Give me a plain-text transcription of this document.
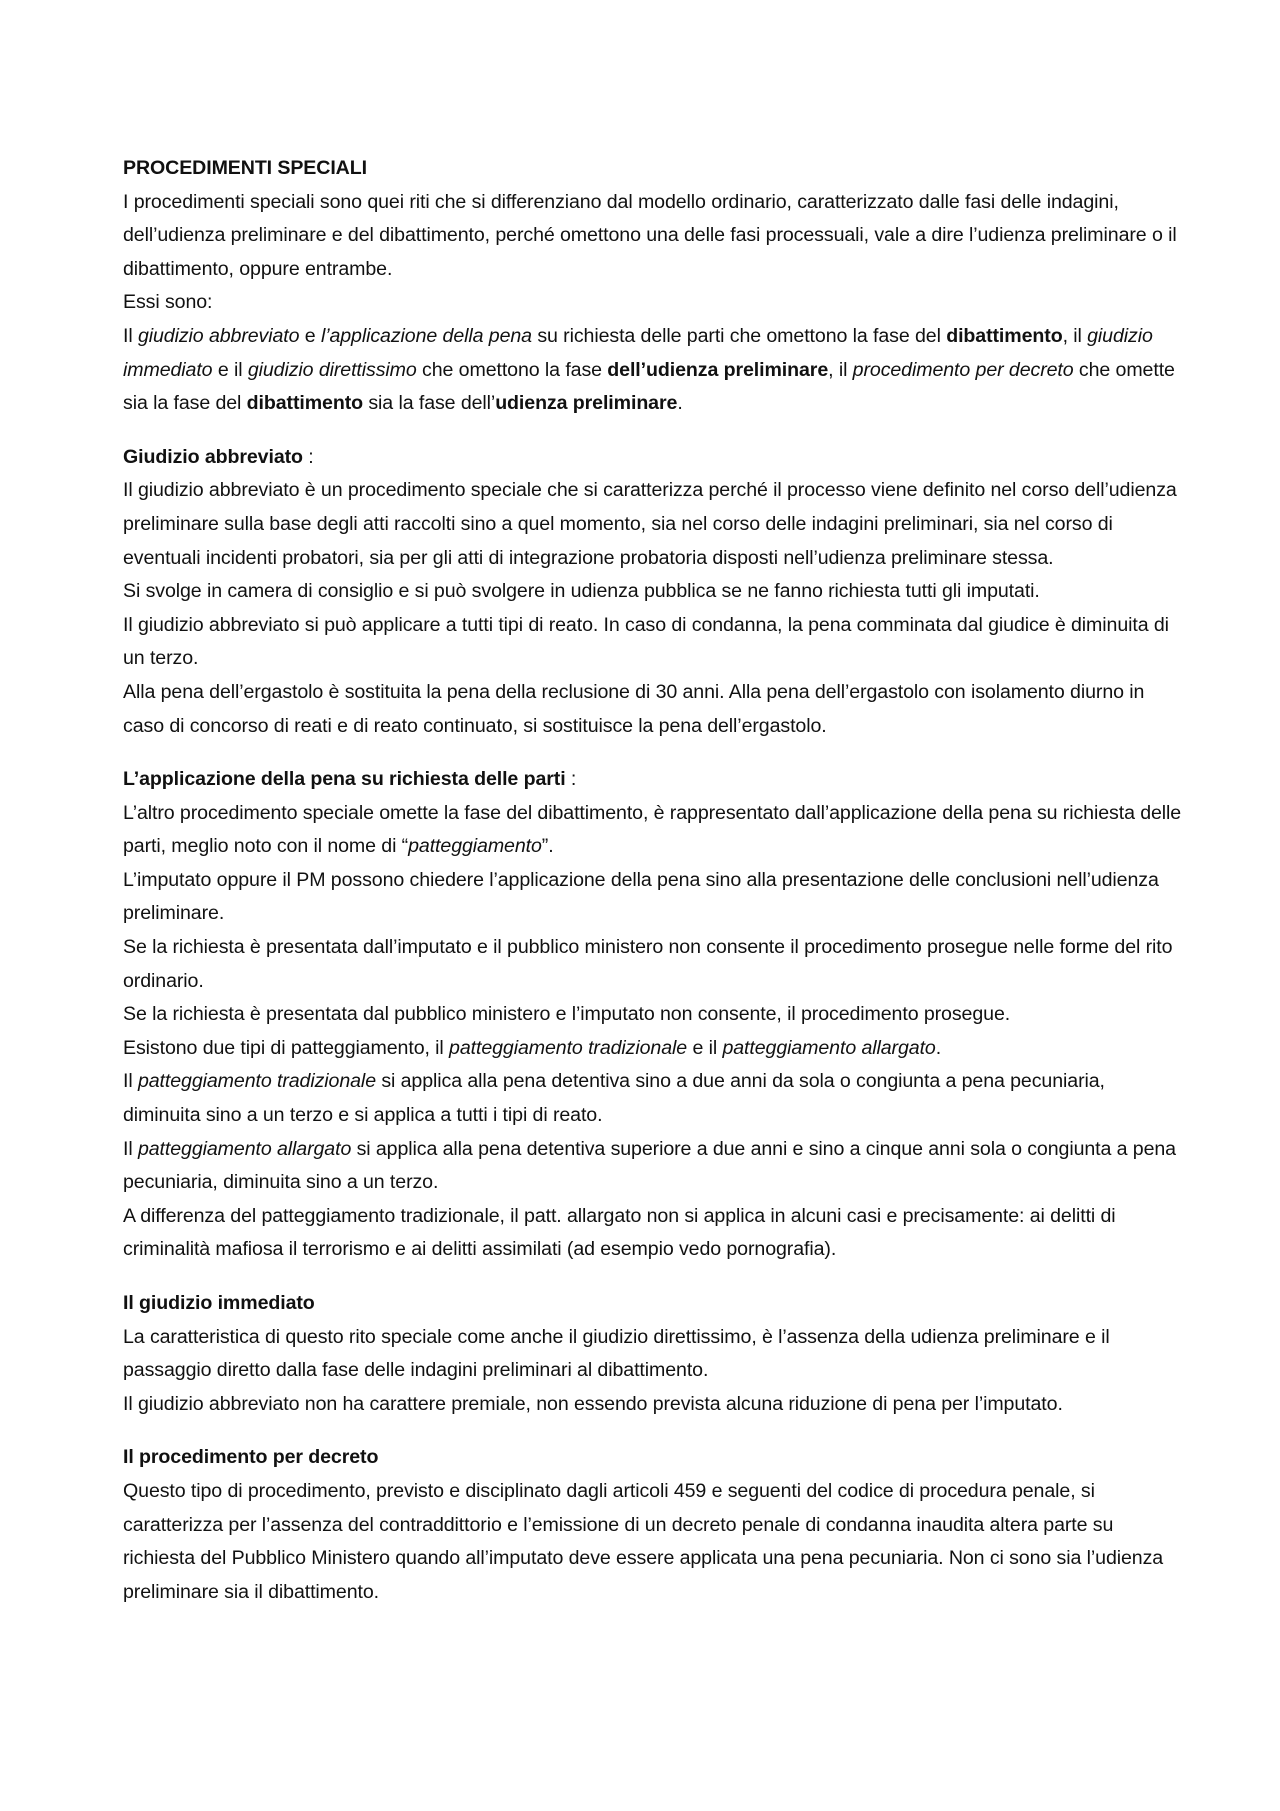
PROCEDIMENTI SPECIALI

I procedimenti speciali sono quei riti che si differenziano dal modello ordinario, caratterizzato dalle fasi delle indagini, dell’udienza preliminare e del dibattimento, perché omettono una delle fasi processuali, vale a dire l’udienza preliminare o il dibattimento, oppure entrambe.

Essi sono:

Il giudizio abbreviato e l’applicazione della pena su richiesta delle parti che omettono la fase del dibattimento, il giudizio immediato e il giudizio direttissimo che omettono la fase dell’udienza preliminare, il procedimento per decreto che omette sia la fase del dibattimento sia la fase dell’udienza preliminare.

Giudizio abbreviato :

Il giudizio abbreviato è un procedimento speciale che si caratterizza perché il processo viene definito nel corso dell’udienza preliminare sulla base degli atti raccolti sino a quel momento, sia nel corso delle indagini preliminari, sia nel corso di eventuali incidenti probatori, sia per gli atti di integrazione probatoria disposti nell’udienza preliminare stessa.

Si svolge in camera di consiglio e si può svolgere in udienza pubblica se ne fanno richiesta tutti gli imputati.

Il giudizio abbreviato si può applicare a tutti tipi di reato. In caso di condanna, la pena comminata dal giudice è diminuita di un terzo.

Alla pena dell’ergastolo è sostituita la pena della reclusione di 30 anni. Alla pena dell’ergastolo con isolamento diurno in caso di concorso di reati e di reato continuato, si sostituisce la pena dell’ergastolo.

L’applicazione della pena su richiesta delle parti :

L’altro procedimento speciale omette la fase del dibattimento, è rappresentato dall’applicazione della pena su richiesta delle parti, meglio noto con il nome di “patteggiamento”.

L’imputato oppure il PM possono chiedere l’applicazione della pena sino alla presentazione delle conclusioni nell’udienza preliminare.

Se la richiesta è presentata dall’imputato e il pubblico ministero non consente il procedimento prosegue nelle forme del rito ordinario.

Se la richiesta è presentata dal pubblico ministero e l’imputato non consente, il procedimento prosegue.

Esistono due tipi di patteggiamento, il patteggiamento tradizionale e il patteggiamento allargato.

Il patteggiamento tradizionale si applica alla pena detentiva sino a due anni da sola o congiunta a pena pecuniaria, diminuita sino a un terzo e si applica a tutti i tipi di reato.

Il patteggiamento allargato si applica alla pena detentiva superiore a due anni e sino a cinque anni sola o congiunta a pena pecuniaria, diminuita sino a un terzo.

A differenza del patteggiamento tradizionale, il patt. allargato non si applica in alcuni casi e precisamente: ai delitti di criminalità mafiosa il terrorismo e ai delitti assimilati (ad esempio vedo pornografia).

Il giudizio immediato

La caratteristica di questo rito speciale come anche il giudizio direttissimo, è l’assenza della udienza preliminare e il passaggio diretto dalla fase delle indagini preliminari al dibattimento.

Il giudizio abbreviato non ha carattere premiale, non essendo prevista alcuna riduzione di pena per l’imputato.

Il procedimento per decreto

Questo tipo di procedimento, previsto e disciplinato dagli articoli 459 e seguenti del codice di procedura penale, si caratterizza per l’assenza del contraddittorio e l’emissione di un decreto penale di condanna inaudita altera parte su richiesta del Pubblico Ministero quando all’imputato deve essere applicata una pena pecuniaria. Non ci sono sia l’udienza preliminare sia il dibattimento.
